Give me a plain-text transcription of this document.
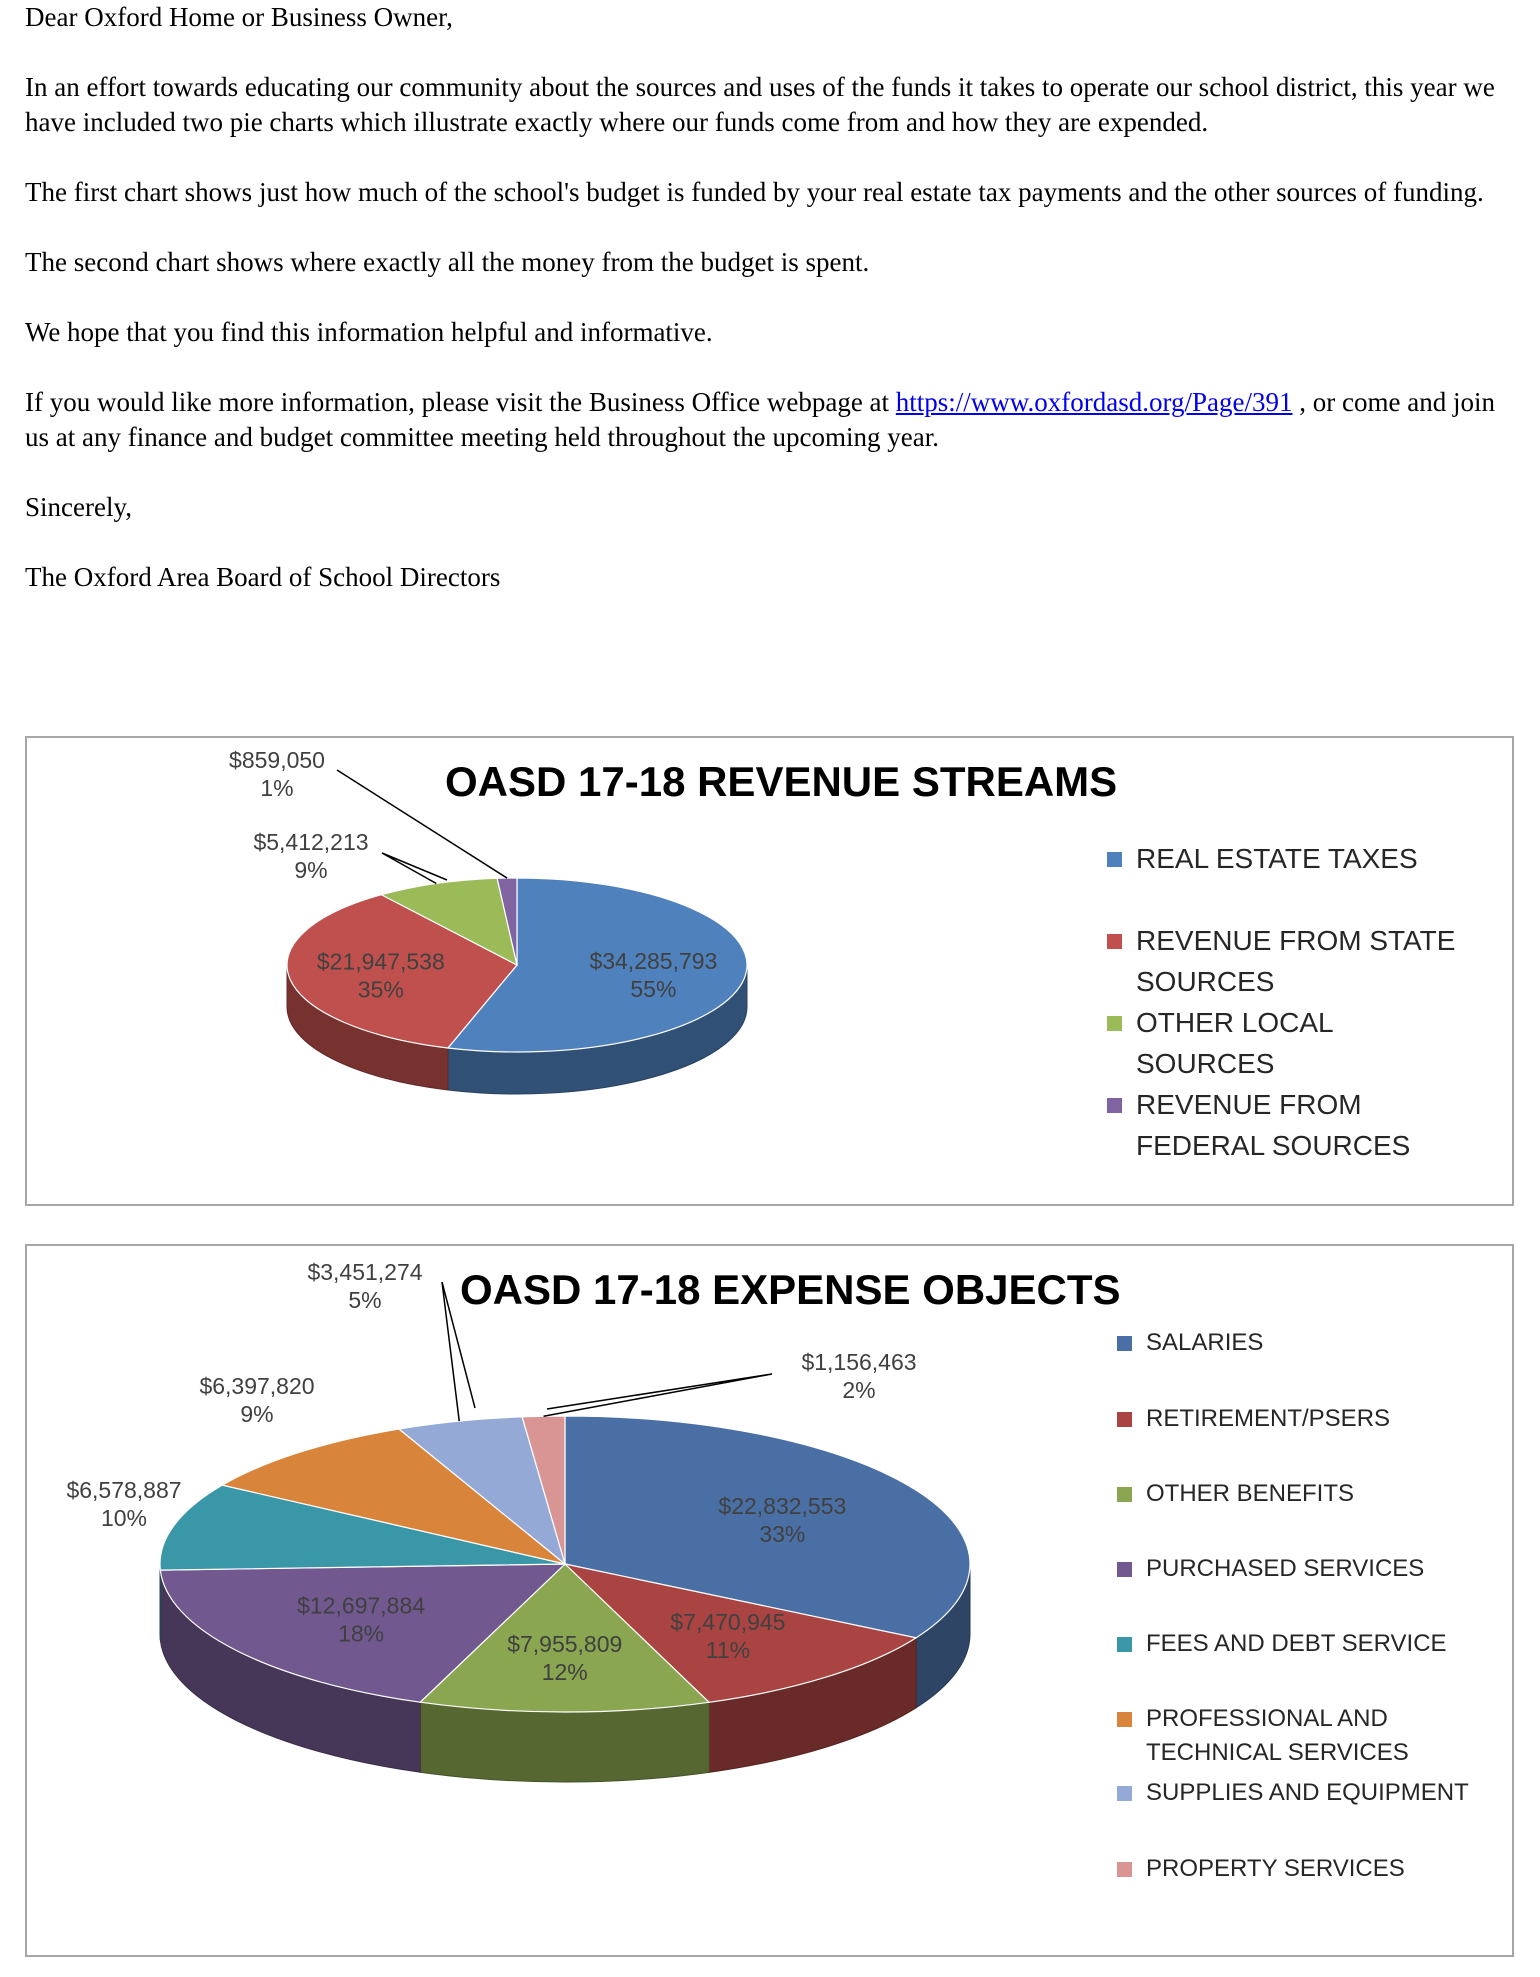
Dear Oxford Home or Business Owner,

In an effort towards educating our community about the sources and uses of the funds it takes to operate our school district, this year we have included two pie charts which illustrate exactly where our funds come from and how they are expended.

The first chart shows just how much of the school's budget is funded by your real estate tax payments and the other sources of funding.

The second chart shows where exactly all the money from the budget is spent.

We hope that you find this information helpful and informative.

If you would like more information, please visit the Business Office webpage at https://www.oxfordasd.org/Page/391 , or come and join us at any finance and budget committee meeting held throughout the upcoming year.

Sincerely,

The Oxford Area Board of School Directors

OASD 17-18 REVENUE STREAMS
$34,285,793
55%
$21,947,538
35%
$5,412,213
9%
$859,050
1%
REAL ESTATE TAXES
REVENUE FROM STATE SOURCES
OTHER LOCAL SOURCES
REVENUE FROM FEDERAL SOURCES
OASD 17-18 EXPENSE OBJECTS
$22,832,553
33%
$7,470,945
11%
$7,955,809
12%
$12,697,884
18%
$6,578,887
10%
$6,397,820
9%
$3,451,274
5%
$1,156,463
2%
SALARIES
RETIREMENT/PSERS
OTHER BENEFITS
PURCHASED SERVICES
FEES AND DEBT SERVICE
PROFESSIONAL AND TECHNICAL SERVICES
SUPPLIES AND EQUIPMENT
PROPERTY SERVICES
